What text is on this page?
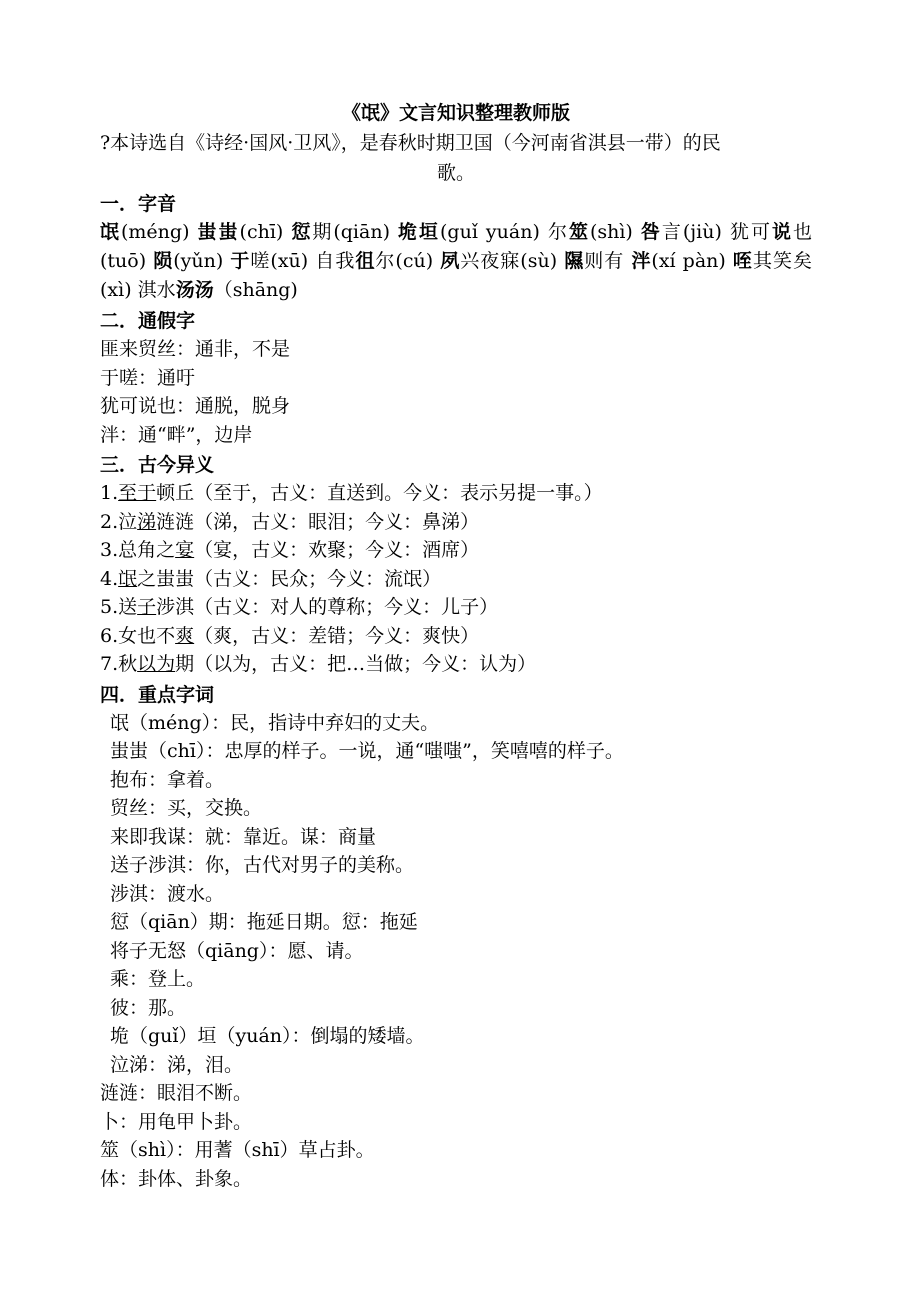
《氓》文言知识整理教师版
?本诗选自《诗经·国风·卫风》，是春秋时期卫国（今河南省淇县一带）的民
歌。
一．字音
氓(méng) 蚩蚩(chī) 愆期(qiān) 垝垣(guǐ yuán) 尔筮(shì) 咎言(jiù) 犹可说也(tuō) 陨(yǔn) 于嗟(xū) 自我徂尔(cú) 夙兴夜寐(sù) 隰则有 泮(xí pàn) 咥其笑矣(xì) 淇水汤汤（shāng)
二．通假字
匪来贸丝：通非，不是
于嗟：通吁
犹可说也：通脱，脱身
泮：通“畔”，边岸
三．古今异义
1.至于顿丘（至于，古义：直送到。今义：表示另提一事。）
2.泣涕涟涟（涕，古义：眼泪；今义：鼻涕）
3.总角之宴（宴，古义：欢聚；今义：酒席）
4.氓之蚩蚩（古义：民众；今义：流氓）
5.送子涉淇（古义：对人的尊称；今义：儿子）
6.女也不爽（爽，古义：差错；今义：爽快）
7.秋以为期（以为，古义：把…当做；今义：认为）
四．重点字词
氓（méng）：民，指诗中弃妇的丈夫。
蚩蚩（chī）：忠厚的样子。一说，通“嗤嗤”，笑嘻嘻的样子。
抱布：拿着。
贸丝：买，交换。
来即我谋：就：靠近。谋：商量
送子涉淇：你，古代对男子的美称。
涉淇：渡水。
愆（qiān）期：拖延日期。愆：拖延
将子无怒（qiāng）：愿、请。
乘：登上。
彼：那。
垝（guǐ）垣（yuán）：倒塌的矮墙。
泣涕：涕，泪。
涟涟：眼泪不断。
卜：用龟甲卜卦。
筮（shì）：用蓍（shī）草占卦。
体：卦体、卦象。
